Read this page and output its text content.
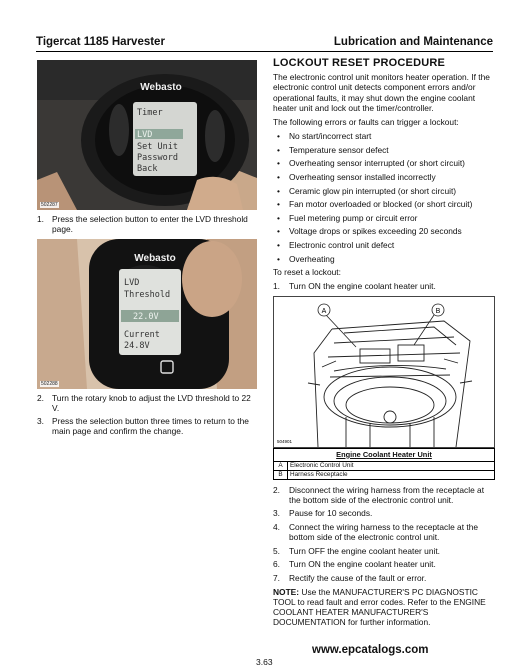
Tigercat 1185 Harvester	Lubrication and Maintenance
Webasto
Timer
LVD
Set Unit
Password
Back
502287
1. Press the selection button to enter the LVD threshold page.
Webasto
LVD
Threshold
22.0V
Current
24.8V
502288
2. Turn the rotary knob to adjust the LVD threshold to 22 V.
3. Press the selection button three times to return to the main page and confirm the change.
LOCKOUT RESET PROCEDURE

The electronic control unit monitors heater operation. If the electronic control unit detects component errors and/or operational faults, it may shut down the engine coolant heater unit and lock out the timer/controller.

The following errors or faults can trigger a lockout:

•	No start/incorrect start
•	Temperature sensor defect
•	Overheating sensor interrupted (or short circuit)
•	Overheating sensor installed incorrectly
•	Ceramic glow pin interrupted (or short circuit)
•	Fan motor overloaded or blocked (or short circuit)
•	Fuel metering pump or circuit error
•	Voltage drops or spikes exceeding 20 seconds
•	Electronic control unit defect
•	Overheating

To reset a lockout:

1.	Turn ON the engine coolant heater unit.
A	B
504901
Engine Coolant Heater Unit	
A	Electronic Control Unit
B	Harness Receptacle
2.	Disconnect the wiring harness from the receptacle at the bottom side of the electronic control unit.
3.	Pause for 10 seconds.
4.	Connect the wiring harness to the receptacle at the bottom side of the electronic control unit.
5.	Turn OFF the engine coolant heater unit.
6.	Turn ON the engine coolant heater unit.
7.	Rectify the cause of the fault or error.

NOTE: Use the MANUFACTURER'S PC DIAGNOSTIC TOOL to read fault and error codes. Refer to the ENGINE COOLANT HEATER MANUFACTURER'S DOCUMENTATION for further information.

www.epcatalogs.com
3.63
